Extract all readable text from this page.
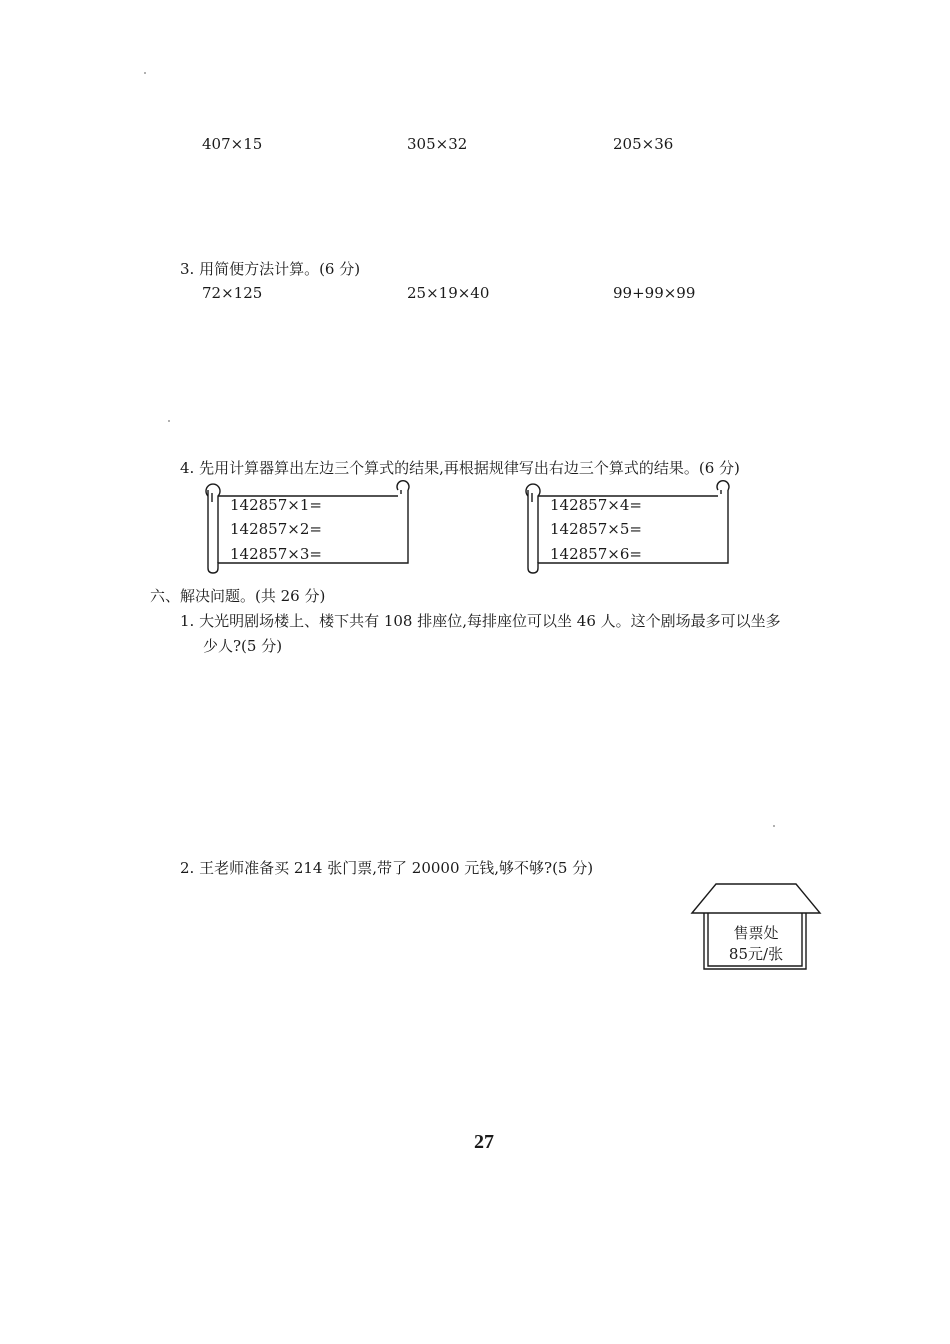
407×15	305×32	205×36
3. 用简便方法计算。(6 分)
72×125	25×19×40	99+99×99
4. 先用计算器算出左边三个算式的结果,再根据规律写出右边三个算式的结果。(6 分)
142857×1=
142857×2=
142857×3=
142857×4=
142857×5=
142857×6=
六、解决问题。(共 26 分)
1. 大光明剧场楼上、楼下共有 108 排座位,每排座位可以坐 46 人。这个剧场最多可以坐多
少人?(5 分)
2. 王老师准备买 214 张门票,带了 20000 元钱,够不够?(5 分)
售票处
85元/张
27
